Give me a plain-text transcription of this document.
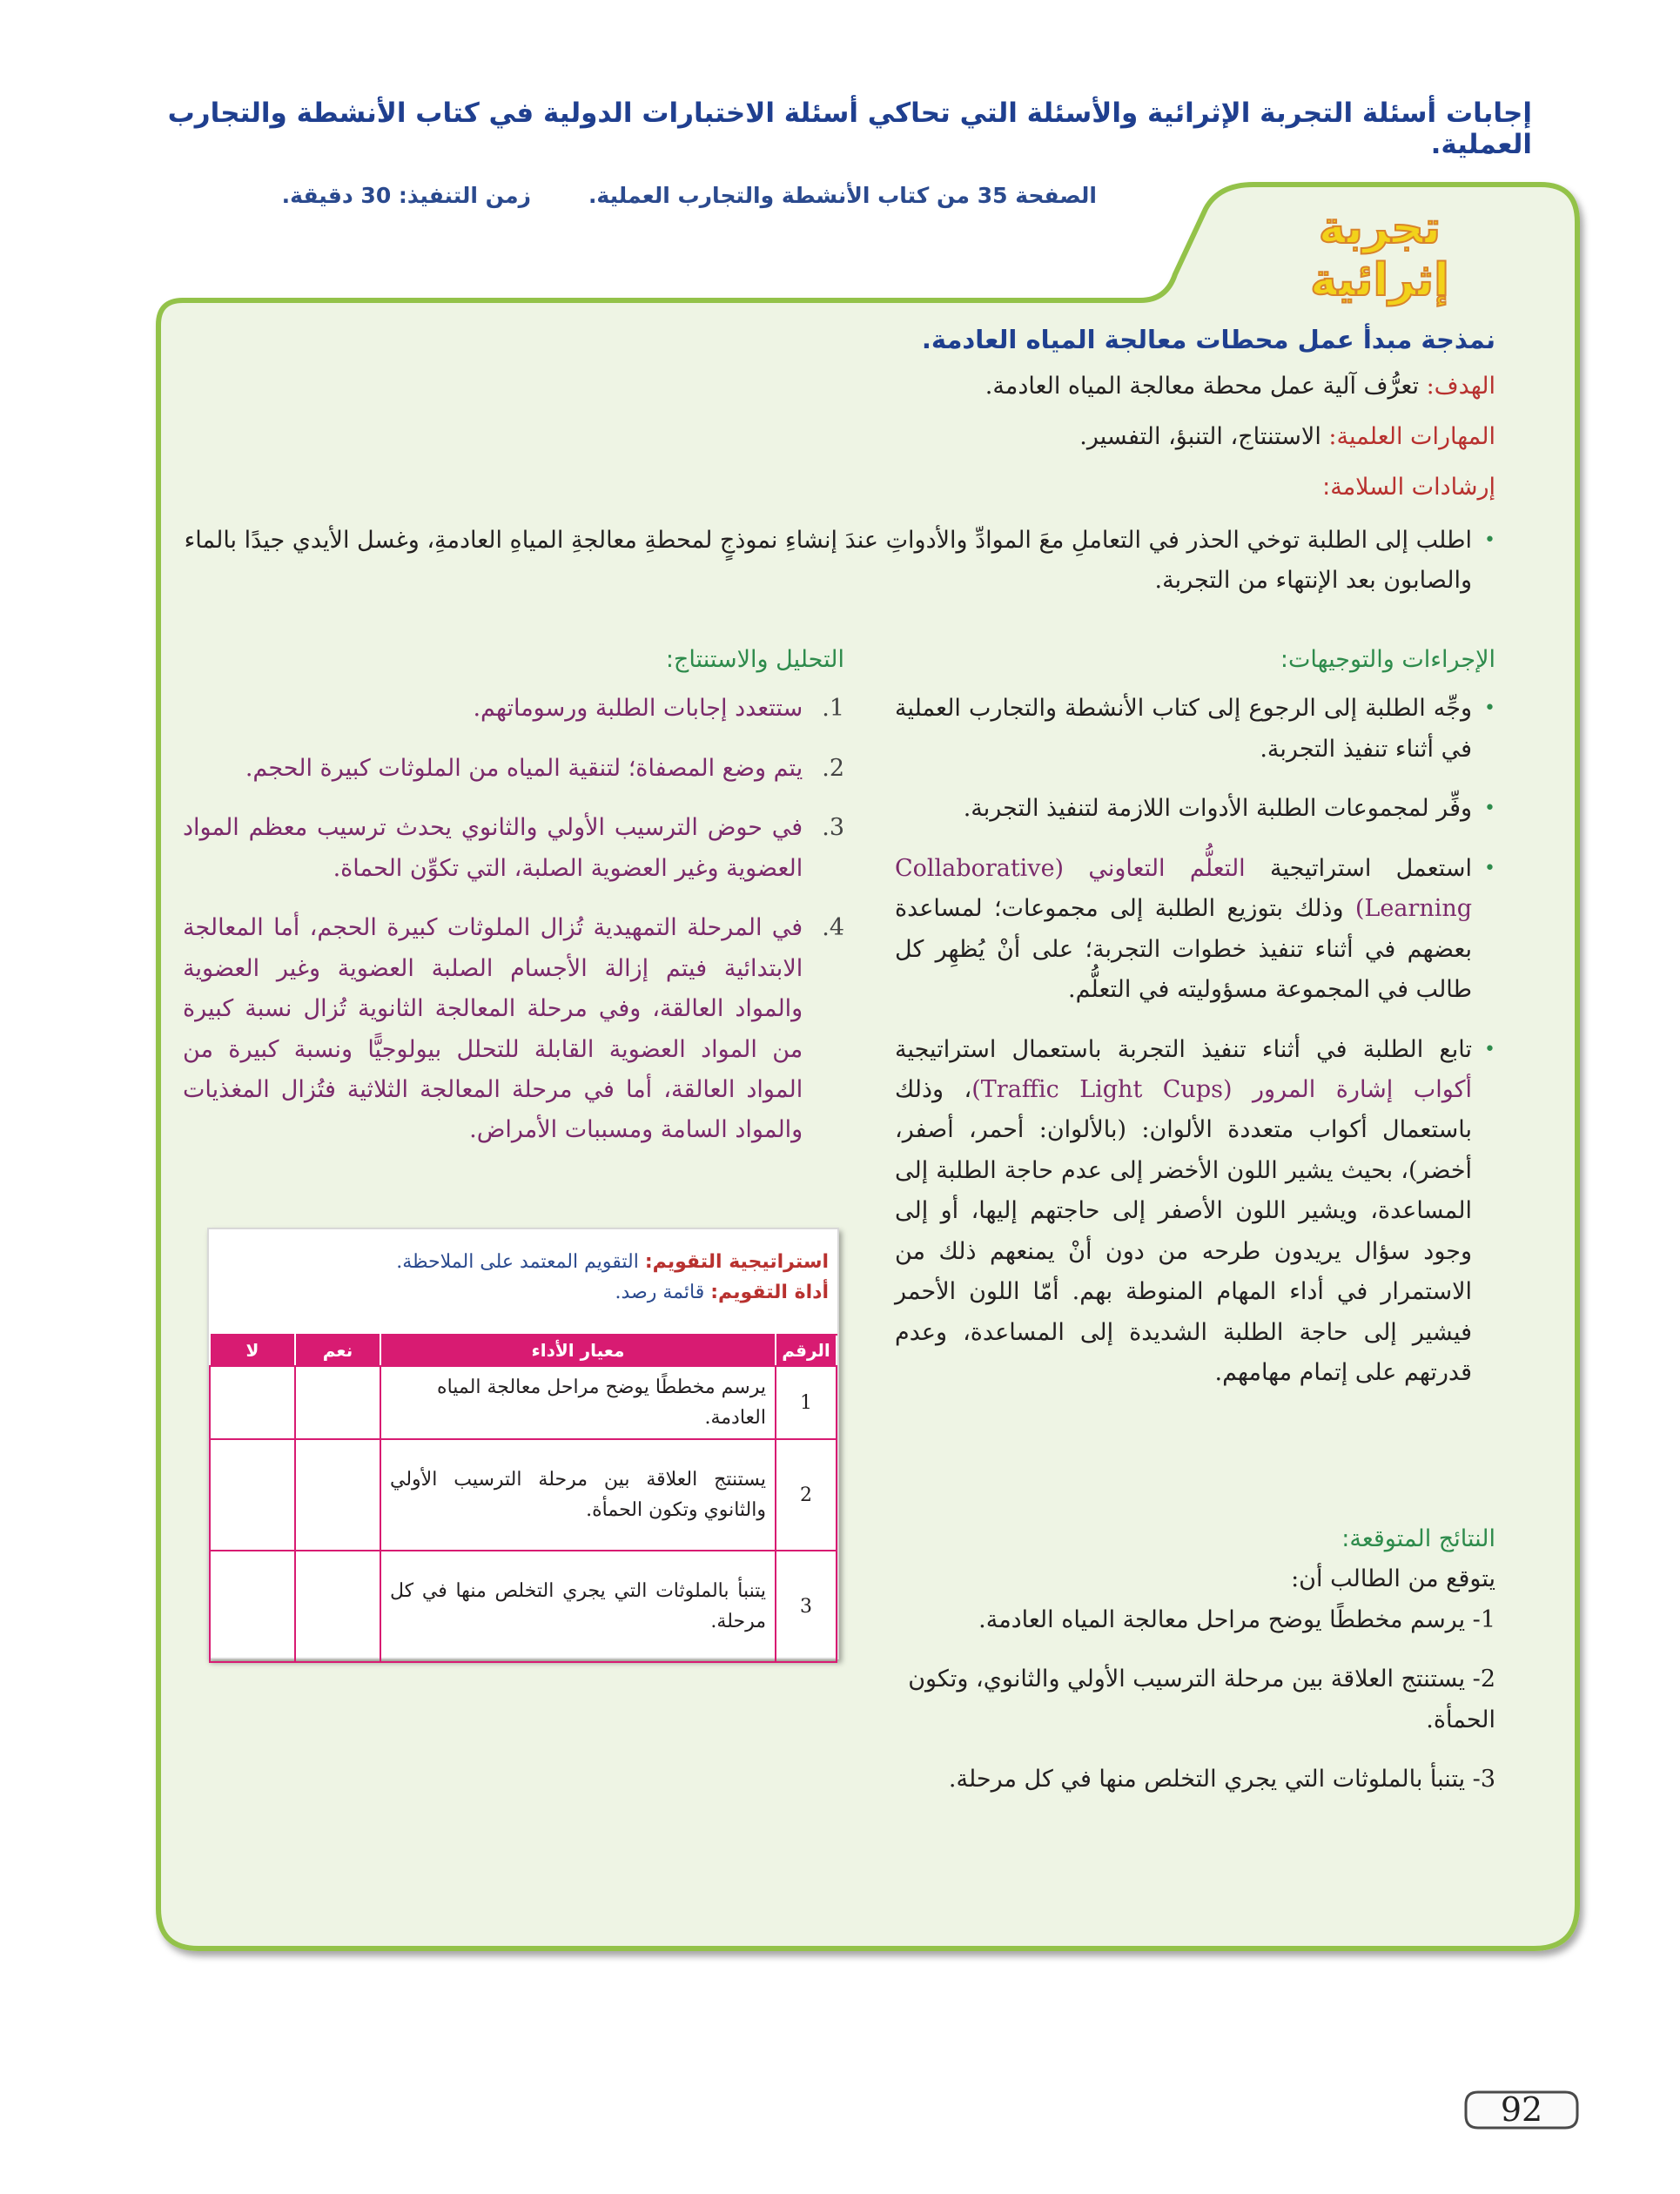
إجابات أسئلة التجربة الإثرائية والأسئلة التي تحاكي أسئلة الاختبارات الدولية في كتاب الأنشطة والتجارب العملية.
الصفحة 35 من كتاب الأنشطة والتجارب العملية.
زمن التنفيذ: 30 دقيقة.
تجربة إثرائية
نمذجة مبدأ عمل محطات معالجة المياه العادمة.
الهدف: تعرُّف آلية عمل محطة معالجة المياه العادمة.
المهارات العلمية: الاستنتاج، التنبؤ، التفسير.
إرشادات السلامة:
•
اطلب إلى الطلبة توخي الحذر في التعاملِ معَ الموادِّ والأدواتِ عندَ إنشاءِ نموذجٍ لمحطةِ معالجةِ المياهِ العادمةِ، وغسل الأيدي جيدًا بالماء والصابون بعد الإنتهاء من التجربة.
الإجراءات والتوجيهات:
•
وجِّه الطلبة إلى الرجوع إلى كتاب الأنشطة والتجارب العملية في أثناء تنفيذ التجربة.
•
وفِّر لمجموعات الطلبة الأدوات اللازمة لتنفيذ التجربة.
•
استعمل استراتيجية التعلُّم التعاوني (Collaborative Learning) وذلك بتوزيع الطلبة إلى مجموعات؛ لمساعدة بعضهم في أثناء تنفيذ خطوات التجربة؛ على أنْ يُظهِر كل طالب في المجموعة مسؤوليته في التعلُّم.
•
تابع الطلبة في أثناء تنفيذ التجربة باستعمال استراتيجية أكواب إشارة المرور (Traffic Light Cups)، وذلك باستعمال أكواب متعددة الألوان: (بالألوان: أحمر، أصفر، أخضر)، بحيث يشير اللون الأخضر إلى عدم حاجة الطلبة إلى المساعدة، ويشير اللون الأصفر إلى حاجتهم إليها، أو إلى وجود سؤال يريدون طرحه من دون أنْ يمنعهم ذلك من الاستمرار في أداء المهام المنوطة بهم. أمّا اللون الأحمر فيشير إلى حاجة الطلبة الشديدة إلى المساعدة، وعدم قدرتهم على إتمام مهامهم.
النتائج المتوقعة:
يتوقع من الطالب أن:
1- يرسم مخططًا يوضح مراحل معالجة المياه العادمة.
2- يستنتج العلاقة بين مرحلة الترسيب الأولي والثانوي، وتكون الحمأة.
3- يتنبأ بالملوثات التي يجري التخلص منها في كل مرحلة.
التحليل والاستنتاج:
1.
ستتعدد إجابات الطلبة ورسوماتهم.
2.
يتم وضع المصفاة؛ لتنقية المياه من الملوثات كبيرة الحجم.
3.
في حوض الترسيب الأولي والثانوي يحدث ترسيب معظم المواد العضوية وغير العضوية الصلبة، التي تكوِّن الحماة.
4.
في المرحلة التمهيدية تُزال الملوثات كبيرة الحجم، أما المعالجة الابتدائية فيتم إزالة الأجسام الصلبة العضوية وغير العضوية والمواد العالقة، وفي مرحلة المعالجة الثانوية تُزال نسبة كبيرة من المواد العضوية القابلة للتحلل بيولوجيًّا ونسبة كبيرة من المواد العالقة، أما في مرحلة المعالجة الثلاثية فتُزال المغذيات والمواد السامة ومسببات الأمراض.
استراتيجية التقويم: التقويم المعتمد على الملاحظة.
أداة التقويم: قائمة رصد.
الرقم	معيار الأداء	نعم	لا
1	يرسم مخططًا يوضح مراحل معالجة المياه العادمة.		
2	يستنتج العلاقة بين مرحلة الترسيب الأولي والثانوي وتكون الحمأة.		
3	يتنبأ بالملوثات التي يجري التخلص منها في كل مرحلة.		
92
